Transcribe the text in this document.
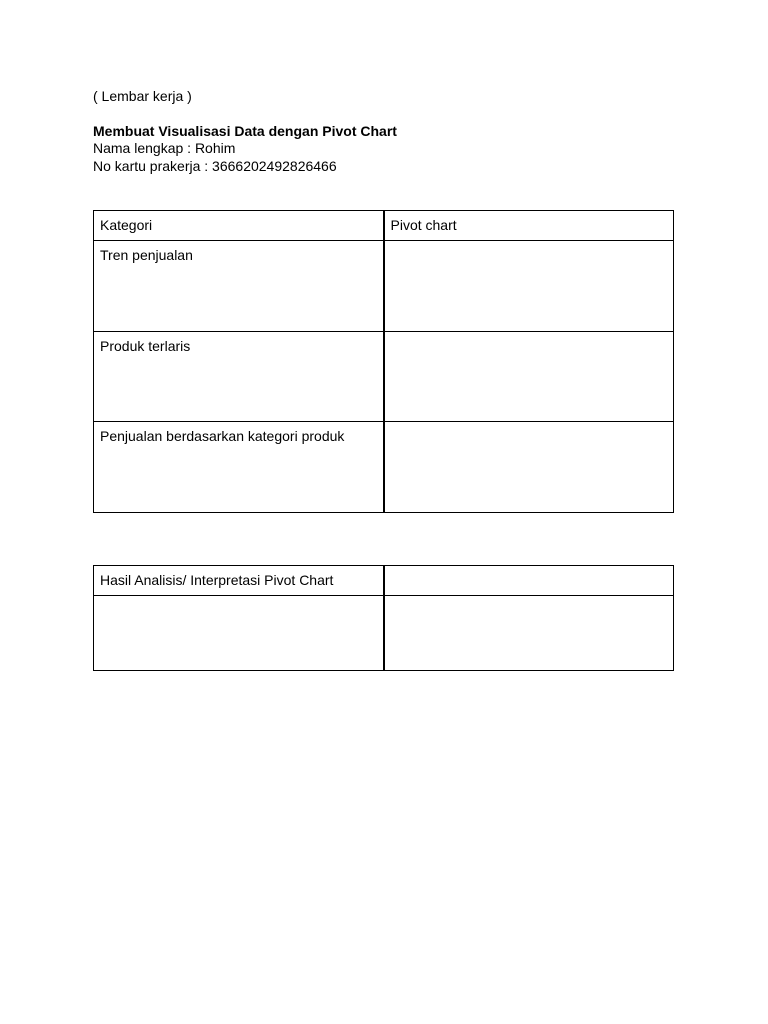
( Lembar kerja )
Membuat Visualisasi Data dengan Pivot Chart
Nama lengkap : Rohim
No kartu prakerja : 3666202492826466
Kategori	Pivot chart
Tren penjualan	
Produk terlaris	
Penjualan berdasarkan kategori produk	
Hasil Analisis/ Interpretasi Pivot Chart	
